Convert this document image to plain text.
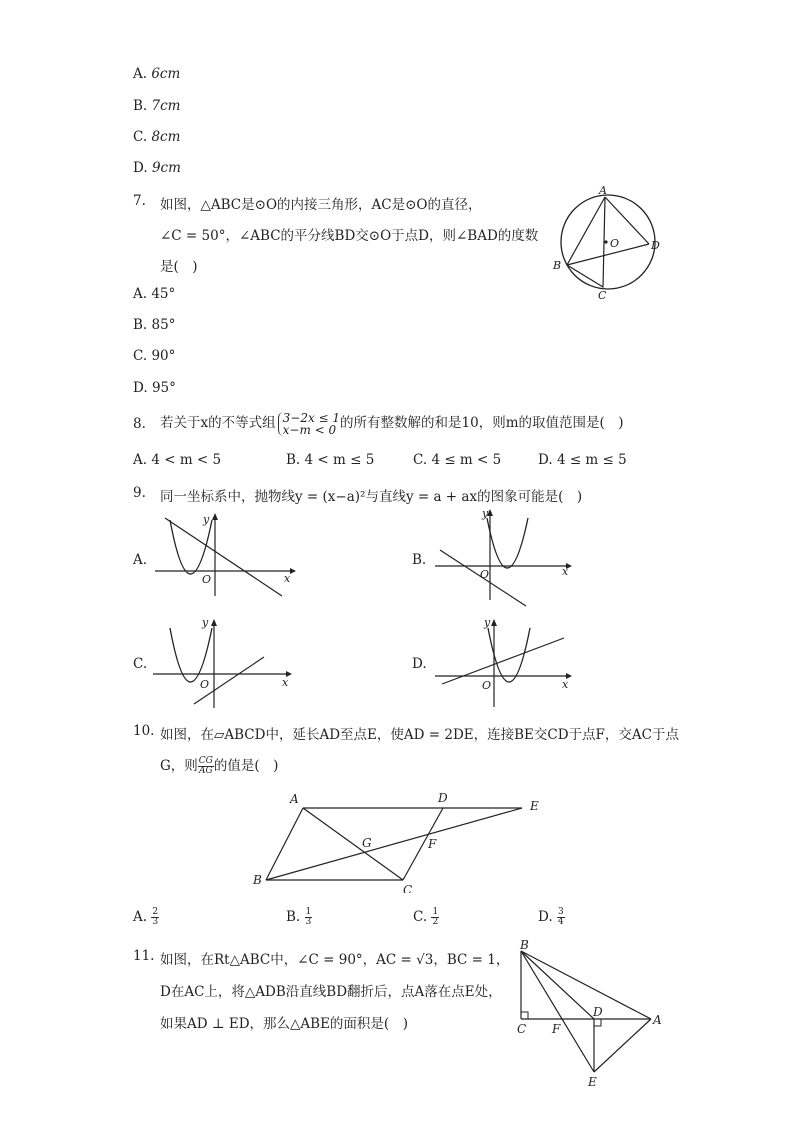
A. 6cm
B. 7cm
C. 8cm
D. 9cm
7. 如图，△ABC是⊙O的内接三角形，AC是⊙O的直径，
∠C = 50°，∠ABC的平分线BD交⊙O于点D，则∠BAD的度数
是(　)
A
O	D
B
C
A. 45°
B. 85°
C. 90°
D. 95°
8. 若关于x的不等式组 3−2x ≤ 1
x−m < 0 的所有整数解的和是10，则m的取值范围是(　)
A. 4 < m < 5	B. 4 < m ≤ 5	C. 4 ≤ m < 5	D. 4 ≤ m ≤ 5
9. 同一坐标系中，抛物线y = (x−a)²与直线y = a + ax的图象可能是(　)
A.
y
O	x
B.
y
O	x
C.
y
O	x
D.
y
O	x
10. 如图，在▱ABCD中，延长AD至点E，使AD = 2DE，连接BE交CD于点F，交AC于点
G，则 $\frac{CG}{AG}$ 的值是(　)
A	D
E
G	F
B
C
A. $\frac{2}{3}$	B. $\frac{1}{3}$	C. $\frac{1}{2}$	D. $\frac{3}{4}$
11. 如图，在Rt△ABC中，∠C = 90°，AC = √3，BC = 1，
D在AC上，将△ADB沿直线BD翻折后，点A落在点E处，
如果AD ⊥ ED，那么△ABE的面积是(　)
B
D
A
C F
E
